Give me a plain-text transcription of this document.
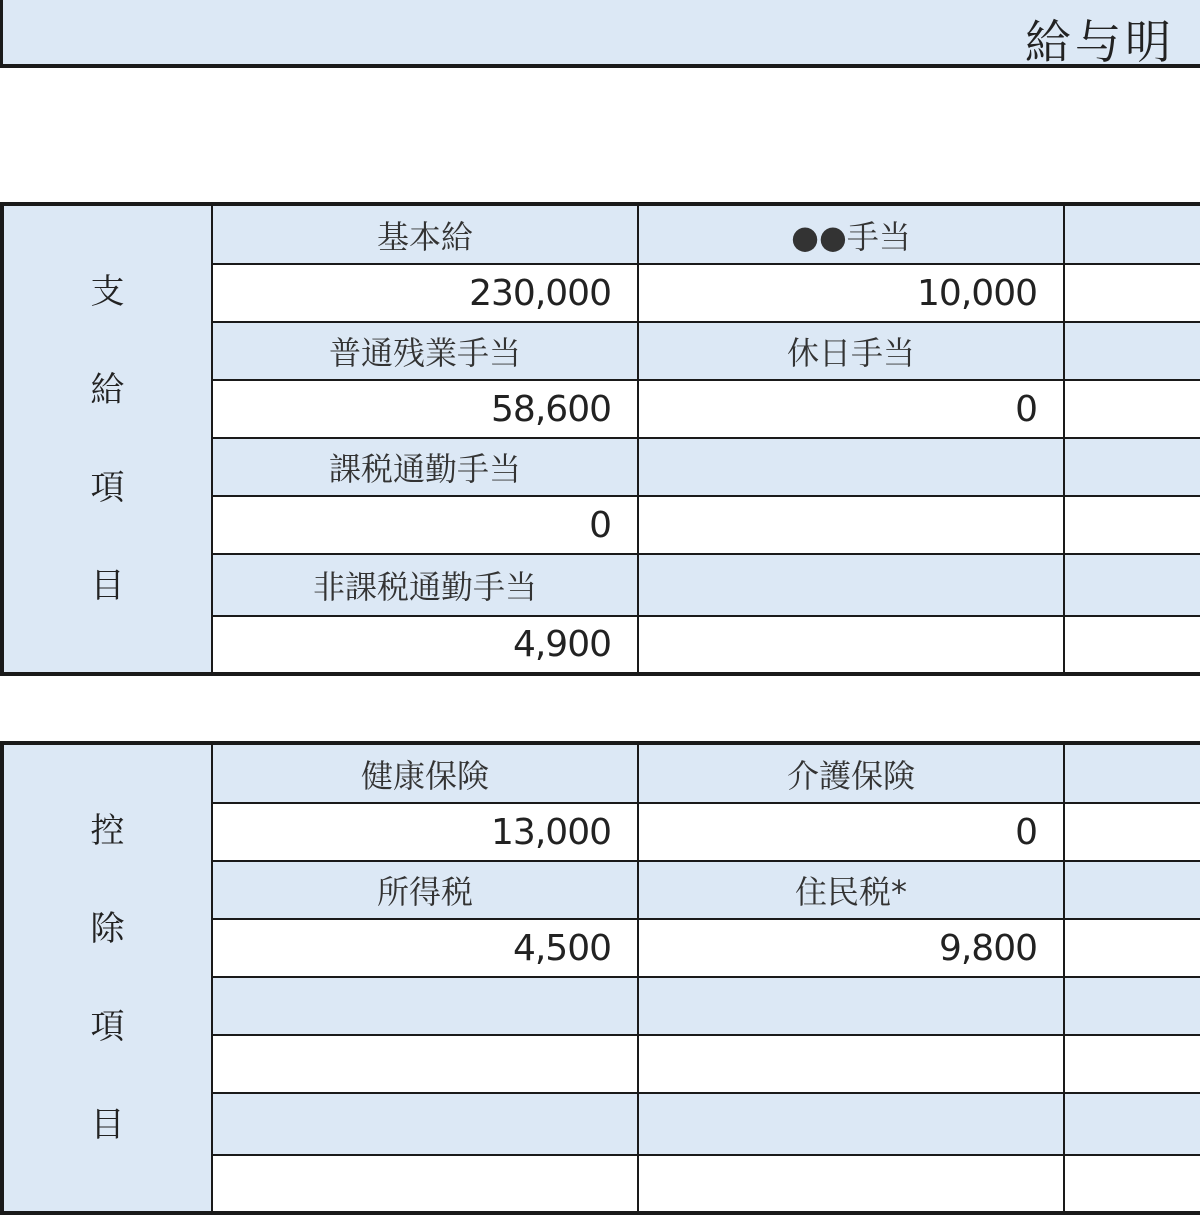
給与明
支
給
項
目	基本給	●●手当	
	230,000	10,000	
	普通残業手当	休日手当	
	58,600	0	
	課税通勤手当		
	0		
	非課税通勤手当		
	4,900		
控
除
項
目	健康保険	介護保険	
	13,000	0	
	所得税	住民税*	
	4,500	9,800	
